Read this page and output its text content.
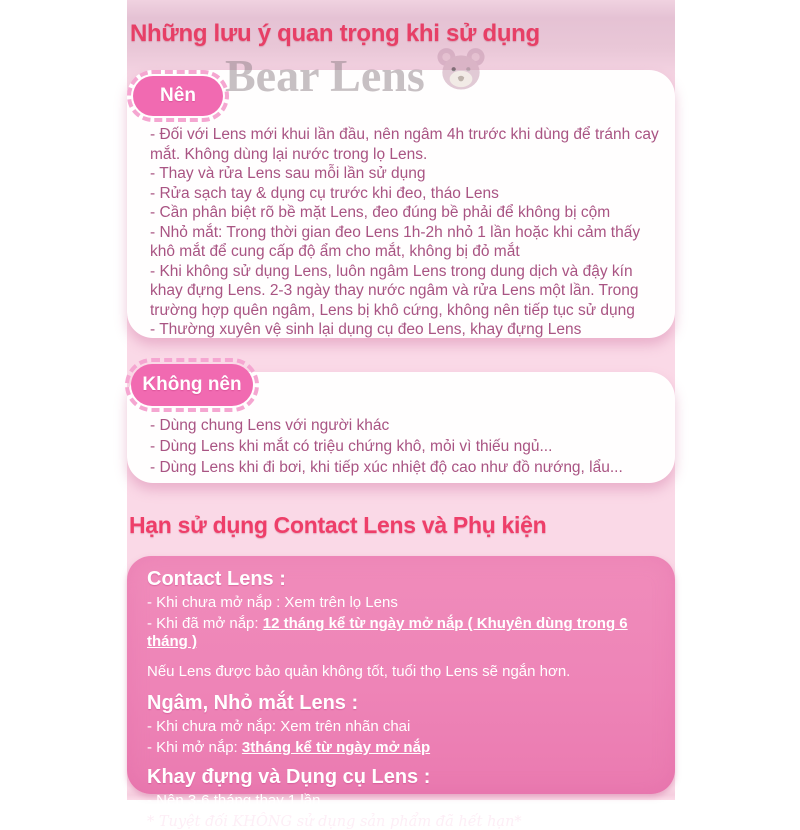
Những lưu ý quan trọng khi sử dụng
Bear Lens
- Đối với Lens mới khui lần đầu, nên ngâm 4h trước khi dùng để tránh cay mắt. Không dùng lại nước trong lọ Lens.
- Thay và rửa Lens sau mỗi lần sử dụng
- Rửa sạch tay & dụng cụ trước khi đeo, tháo Lens
- Cần phân biệt rõ bề mặt Lens, đeo đúng bề phải để không bị cộm
- Nhỏ mắt: Trong thời gian đeo Lens 1h-2h nhỏ 1 lần hoặc khi cảm thấy khô mắt để cung cấp độ ẩm cho mắt, không bị đỏ mắt
- Khi không sử dụng Lens, luôn ngâm Lens trong dung dịch và đậy kín khay đựng Lens. 2-3 ngày thay nước ngâm và rửa Lens một lần. Trong trường hợp quên ngâm, Lens bị khô cứng, không nên tiếp tục sử dụng
- Thường xuyên vệ sinh lại dụng cụ đeo Lens, khay đựng Lens
Nên
- Dùng chung Lens với người khác
- Dùng Lens khi mắt có triệu chứng khô, mỏi vì thiếu ngủ...
- Dùng Lens khi đi bơi, khi tiếp xúc nhiệt độ cao như đồ nướng, lẩu...
Không nên
Hạn sử dụng Contact Lens và Phụ kiện
Contact Lens :
- Khi chưa mở nắp : Xem trên lọ Lens
- Khi đã mở nắp: 12 tháng kể từ ngày mở nắp ( Khuyên dùng trong 6 tháng )
Nếu Lens được bảo quản không tốt, tuổi thọ Lens sẽ ngắn hơn.
Ngâm, Nhỏ mắt Lens :
- Khi chưa mở nắp: Xem trên nhãn chai
- Khi mở nắp: 3tháng kể từ ngày mở nắp
Khay đựng và Dụng cụ Lens :
- Nên 3-6 tháng thay 1 lần
* Tuyệt đối KHÔNG sử dụng sản phẩm đã hết hạn*
